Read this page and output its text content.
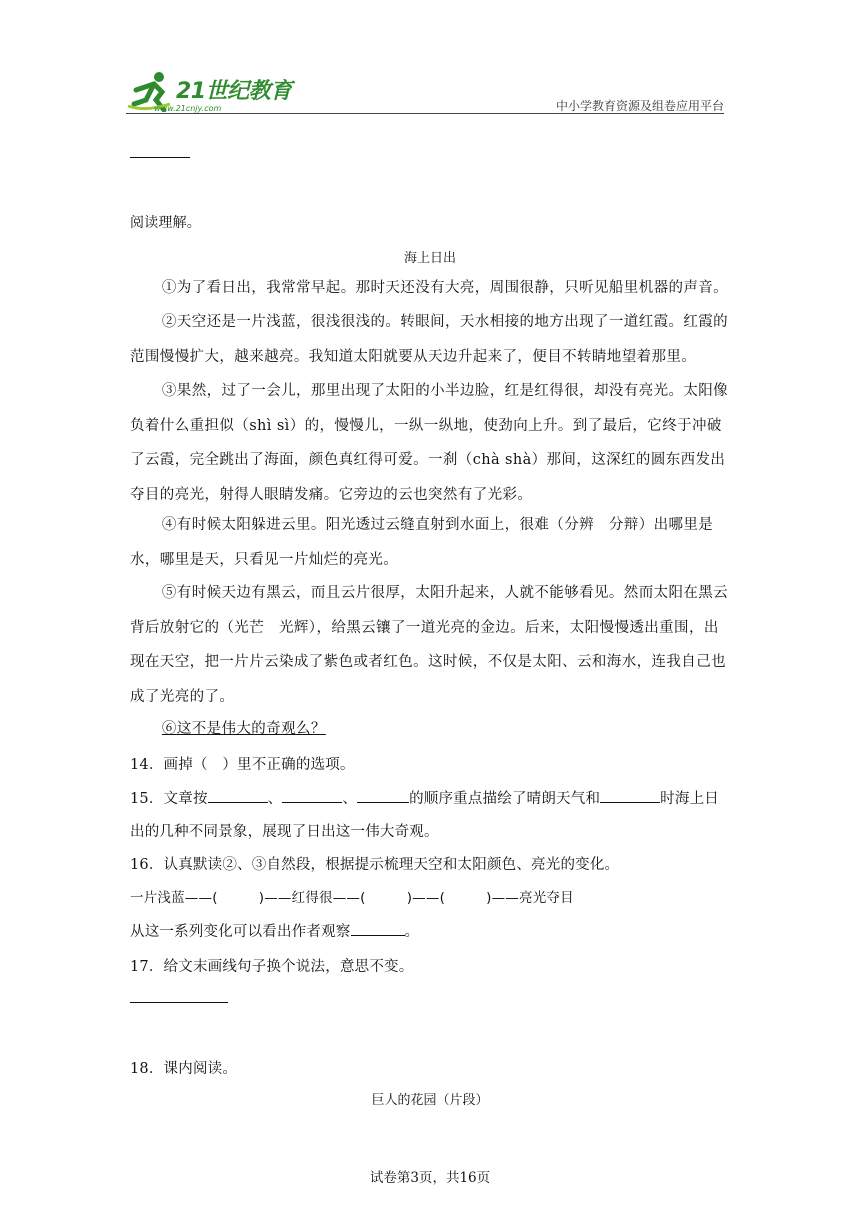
21世纪教育
www.21cnjy.com	中小学教育资源及组卷应用平台
阅读理解。
海上日出
①为了看日出，我常常早起。那时天还没有大亮，周围很静，只听见船里机器的声音。
②天空还是一片浅蓝，很浅很浅的。转眼间，天水相接的地方出现了一道红霞。红霞的范围慢慢扩大，越来越亮。我知道太阳就要从天边升起来了，便目不转睛地望着那里。
③果然，过了一会儿，那里出现了太阳的小半边脸，红是红得很，却没有亮光。太阳像负着什么重担似（shì sì）的，慢慢儿，一纵一纵地，使劲向上升。到了最后，它终于冲破了云霞，完全跳出了海面，颜色真红得可爱。一刹（chà shà）那间，这深红的圆东西发出夺目的亮光，射得人眼睛发痛。它旁边的云也突然有了光彩。
④有时候太阳躲进云里。阳光透过云缝直射到水面上，很难（分辨　分辩）出哪里是水，哪里是天，只看见一片灿烂的亮光。
⑤有时候天边有黑云，而且云片很厚，太阳升起来，人就不能够看见。然而太阳在黑云背后放射它的（光芒　光辉），给黑云镶了一道光亮的金边。后来，太阳慢慢透出重围，出现在天空，把一片片云染成了紫色或者红色。这时候，不仅是太阳、云和海水，连我自己也成了光亮的了。
⑥这不是伟大的奇观么？
14．画掉（　）里不正确的选项。
15．文章按	、	、	的顺序重点描绘了晴朗天气和	时海上日
出的几种不同景象，展现了日出这一伟大奇观。
16．认真默读②、③自然段，根据提示梳理天空和太阳颜色、亮光的变化。
一片浅蓝——(　　　)——红得很——(　　　)——(　　　)——亮光夺目
从这一系列变化可以看出作者观察	。
17．给文末画线句子换个说法，意思不变。
18．课内阅读。
巨人的花园（片段）
试卷第3页，共16页
